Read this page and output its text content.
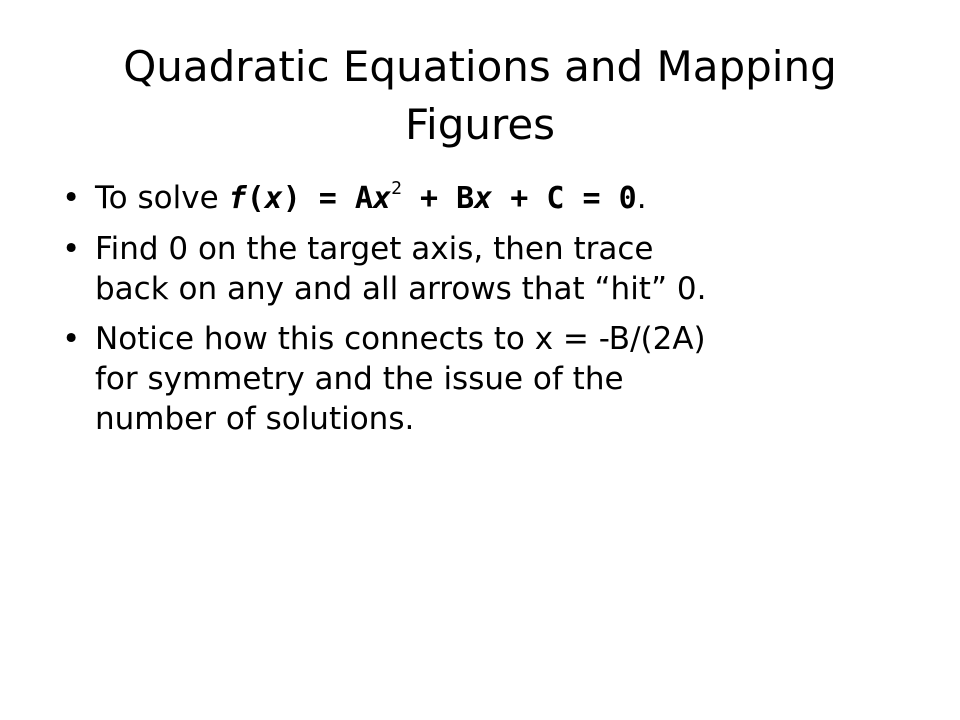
Quadratic Equations and Mapping
Figures
• To solve $f(x) = Ax^2 + Bx + C = 0$.
• Find 0 on the target axis, then trace
back on any and all arrows that “hit” 0.
• Notice how this connects to x = -B/(2A)
for symmetry and the issue of the
number of solutions.
